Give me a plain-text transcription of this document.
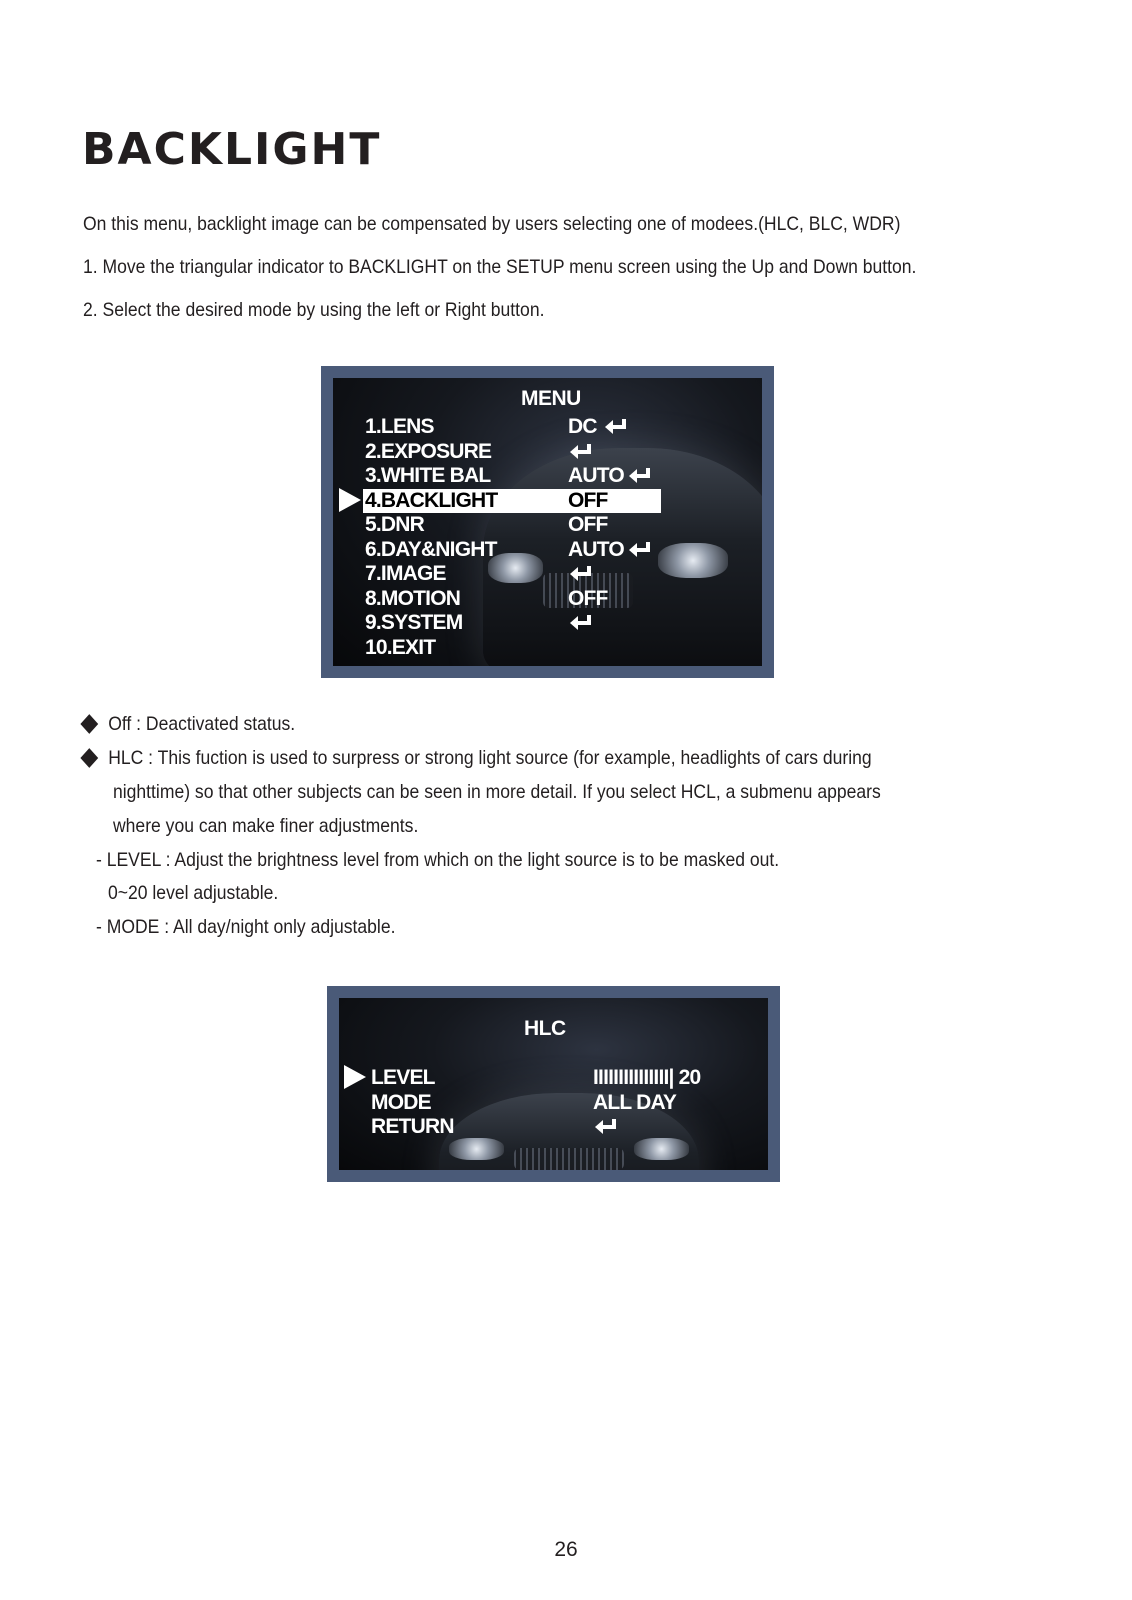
BACKLIGHT

On this menu, backlight image can be compensated by users selecting one of modees.(HLC, BLC, WDR)

1. Move the triangular indicator to BACKLIGHT on the SETUP menu screen using the Up and Down button.

2. Select the desired mode by using the left or Right button.

MENU
1.LENS	DC
2.EXPOSURE
3.WHITE BAL	AUTO
4.BACKLIGHT	OFF
5.DNR	OFF
6.DAY&NIGHT	AUTO
7.IMAGE
8.MOTION	OFF
9.SYSTEM
10.EXIT
Off : Deactivated status.
HLC : This fuction is used to surpress or strong light source (for example, headlights of cars during
nighttime) so that other subjects can be seen in more detail. If you select HCL, a submenu appears
where you can make finer adjustments.
- LEVEL : Adjust the brightness level from which on the light source is to be masked out.
0~20 level adjustable.
- MODE : All day/night only adjustable.
HLC
LEVEL	IIIIIIIIIIIIIII| 20
MODE	ALL DAY
RETURN
26
